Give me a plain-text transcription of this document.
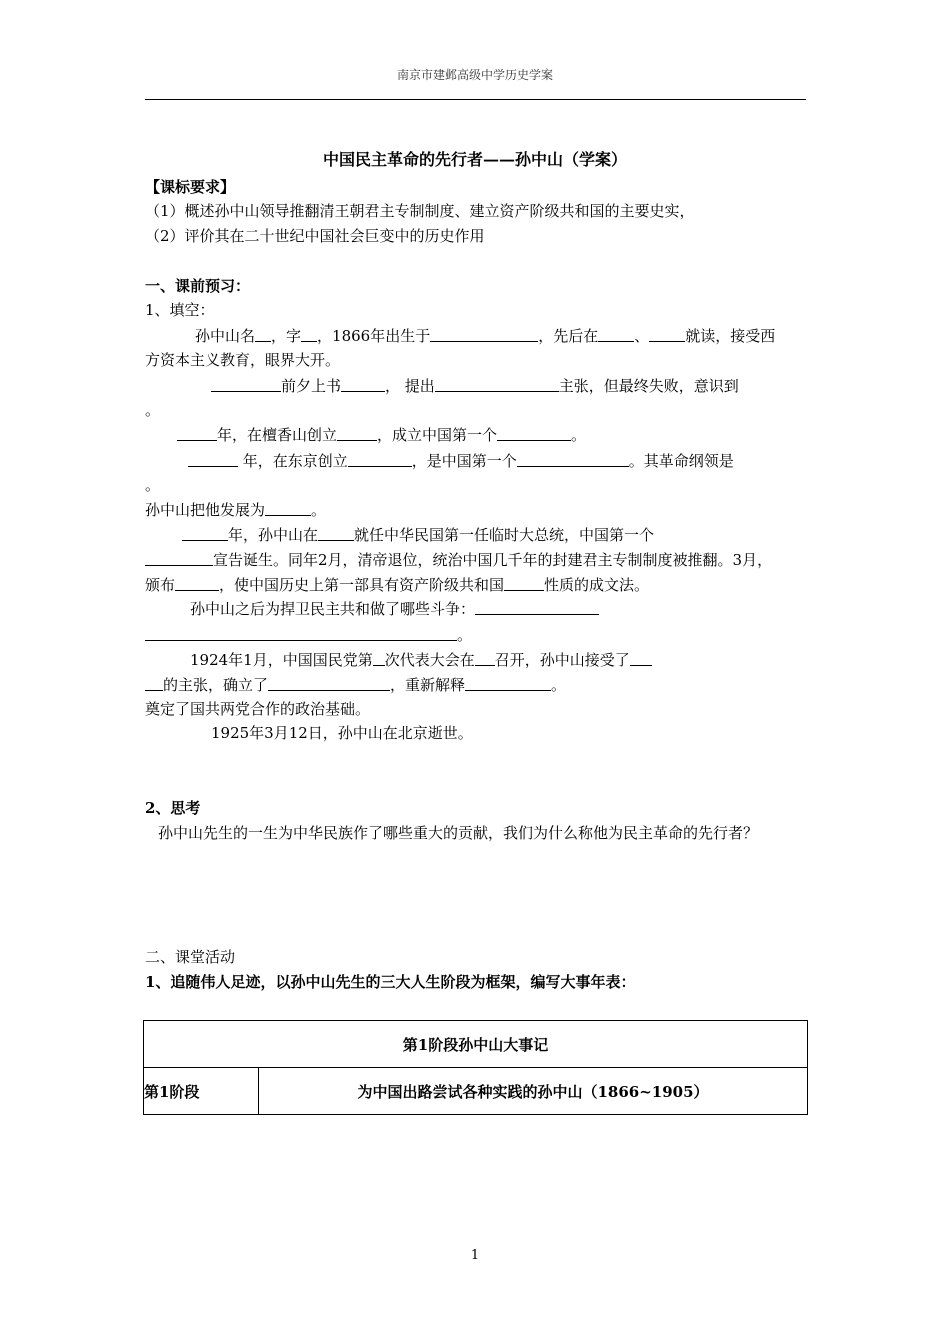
南京市建邺高级中学历史学案
中国民主革命的先行者——孙中山（学案）
【课标要求】
（1）概述孙中山领导推翻清王朝君主专制制度、建立资产阶级共和国的主要史实，
（2）评价其在二十世纪中国社会巨变中的历史作用
一、课前预习：
1、填空：
孙中山名 ，字 ，1866年出生于	，先后在 、 就读，接受西
方资本主义教育，眼界大开。
前夕上书	， 提出	主张，但最终失败，意识到
。
年，在檀香山创立	，成立中国第一个	。
年，在东京创立	，是中国第一个	。其革命纲领是
。
孙中山把他发展为	。
年，孙中山在 就任中华民国第一任临时大总统，中国第一个
宣告诞生。同年2月，清帝退位，统治中国几千年的封建君主专制制度被推翻。3月，
颁布	，使中国历史上第一部具有资产阶级共和国	性质的成文法。
孙中山之后为捍卫民主共和做了哪些斗争：
。
1924年1月，中国国民党第 次代表大会在 召开，孙中山接受了
的主张，确立了	，重新解释	。
奠定了国共两党合作的政治基础。
1925年3月12日，孙中山在北京逝世。
2、思考
孙中山先生的一生为中华民族作了哪些重大的贡献，我们为什么称他为民主革命的先行者？
二、课堂活动
1、追随伟人足迹，以孙中山先生的三大人生阶段为框架，编写大事年表：
第1阶段孙中山大事记
第1阶段	为中国出路尝试各种实践的孙中山（1866~1905）
1
